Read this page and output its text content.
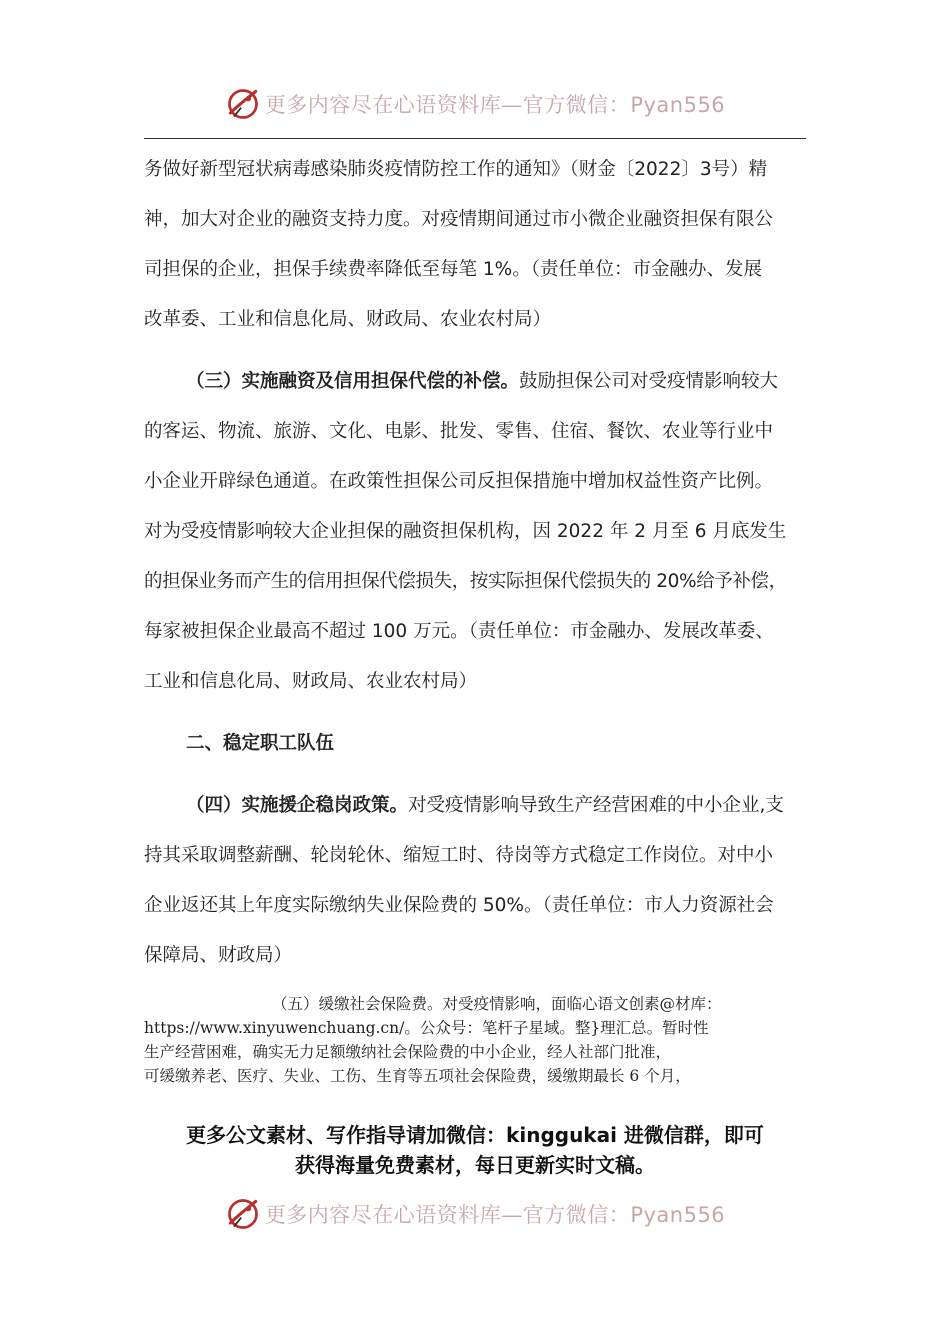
更多内容尽在心语资料库—官方微信：Pyan556
务做好新型冠状病毒感染肺炎疫情防控工作的通知》（财金〔2022〕3号）精
神，加大对企业的融资支持力度。对疫情期间通过市小微企业融资担保有限公
司担保的企业，担保手续费率降低至每笔 1%。（责任单位：市金融办、发展
改革委、工业和信息化局、财政局、农业农村局）
（三）实施融资及信用担保代偿的补偿。鼓励担保公司对受疫情影响较大
的客运、物流、旅游、文化、电影、批发、零售、住宿、餐饮、农业等行业中
小企业开辟绿色通道。在政策性担保公司反担保措施中增加权益性资产比例。
对为受疫情影响较大企业担保的融资担保机构，因 2022 年 2 月至 6 月底发生
的担保业务而产生的信用担保代偿损失，按实际担保代偿损失的 20%给予补偿，
每家被担保企业最高不超过 100 万元。（责任单位：市金融办、发展改革委、
工业和信息化局、财政局、农业农村局）
二、稳定职工队伍
（四）实施援企稳岗政策。对受疫情影响导致生产经营困难的中小企业,支
持其采取调整薪酬、轮岗轮休、缩短工时、待岗等方式稳定工作岗位。对中小
企业返还其上年度实际缴纳失业保险费的 50%。（责任单位：市人力资源社会
保障局、财政局）
（五）缓缴社会保险费。对受疫情影响，面临心语文创素@材库：
https://www.xinyuwenchuang.cn/。公众号：笔杆子星域。整}理汇总。暂时性
生产经营困难，确实无力足额缴纳社会保险费的中小企业，经人社部门批准，
可缓缴养老、医疗、失业、工伤、生育等五项社会保险费，缓缴期最长 6 个月，
更多公文素材、写作指导请加微信：kinggukai 进微信群，即可
获得海量免费素材，每日更新实时文稿。
更多内容尽在心语资料库—官方微信：Pyan556
